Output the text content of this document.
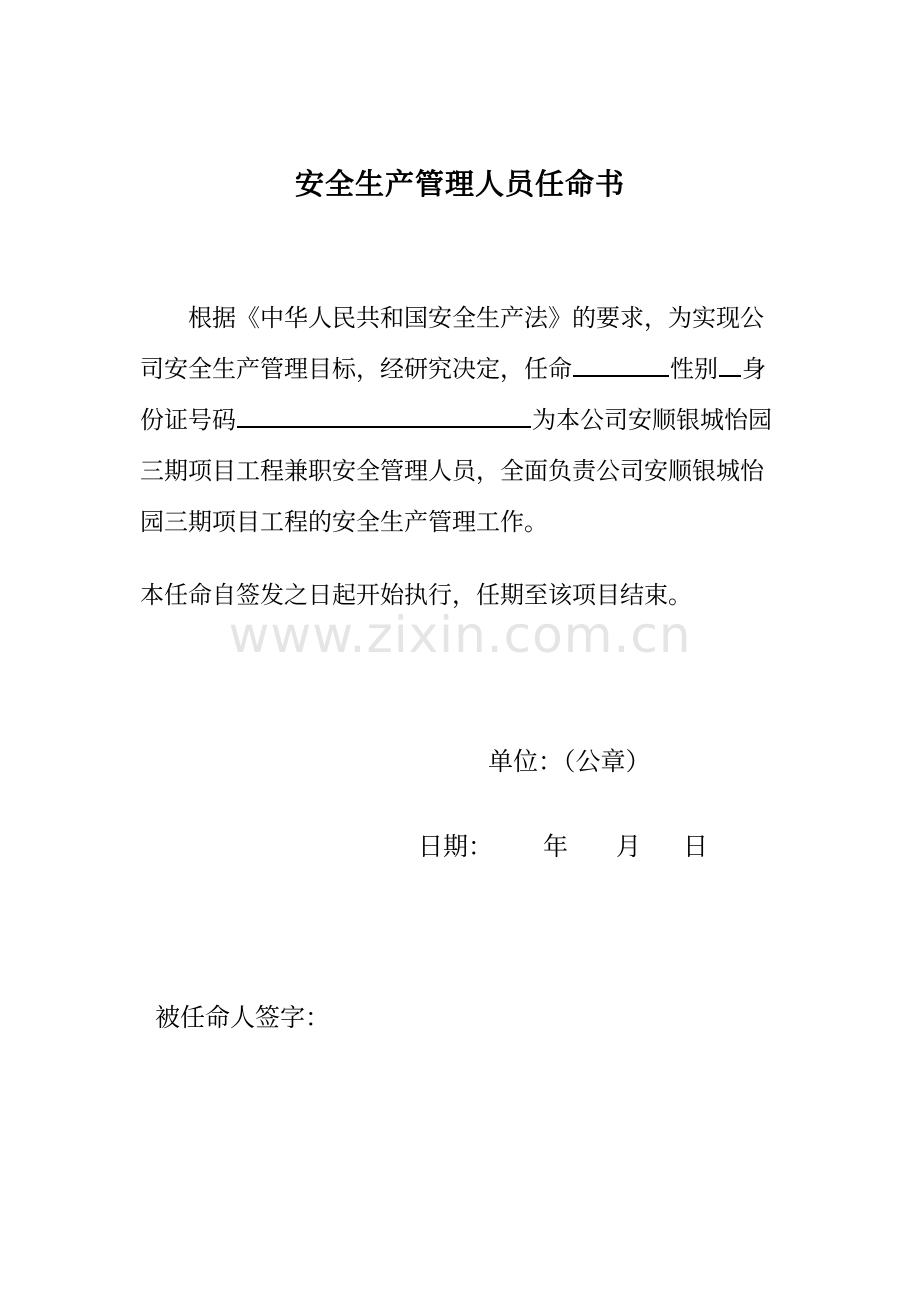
安全生产管理人员任命书
根据《中华人民共和国安全生产法》的要求，为实现公
司安全生产管理目标，经研究决定，任命	性别 身
份证号码	为本公司安顺银城怡园
三期项目工程兼职安全管理人员，全面负责公司安顺银城怡
园三期项目工程的安全生产管理工作。

本任命自签发之日起开始执行，任期至该项目结束。

www.zixin.com.cn
单位：（公章）
日期： 年 月 日
被任命人签字：
